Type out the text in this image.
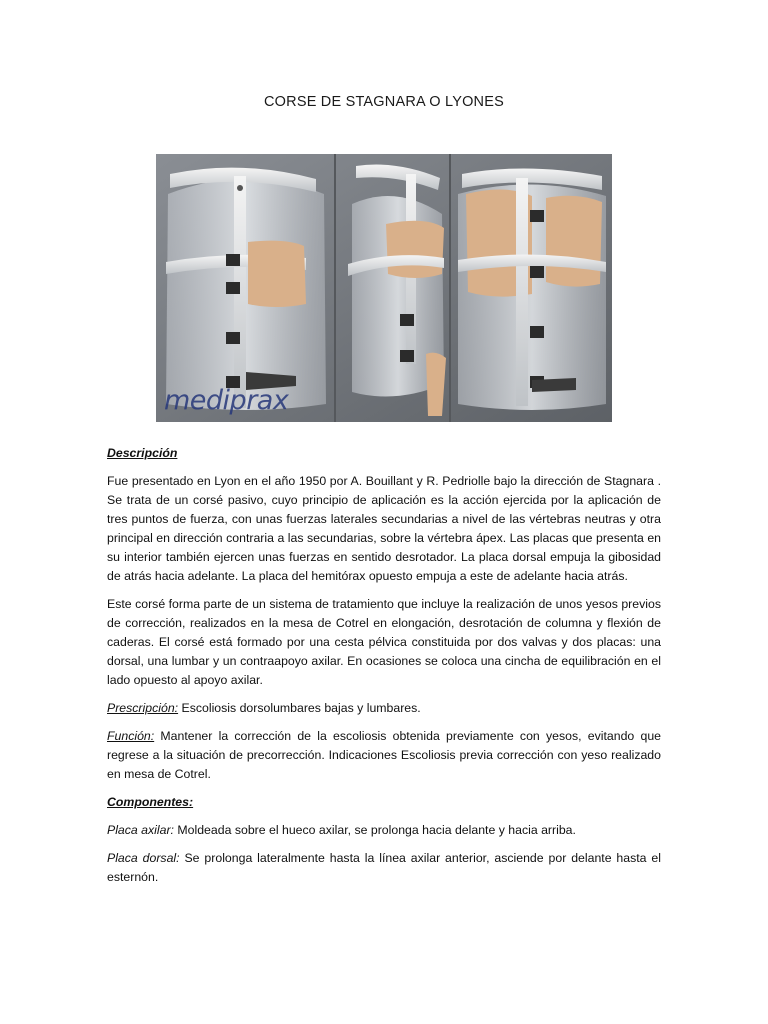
CORSE DE STAGNARA O LYONES
mediprax

Descripción

Fue presentado en Lyon en el año 1950 por A. Bouillant y R. Pedriolle bajo la dirección de Stagnara . Se trata de un corsé pasivo, cuyo principio de aplicación es la acción ejercida por la aplicación de tres puntos de fuerza, con unas fuerzas laterales secundarias a nivel de las vértebras neutras y otra principal en dirección contraria a las secundarias, sobre la vértebra ápex. Las placas que presenta en su interior también ejercen unas fuerzas en sentido desrotador. La placa dorsal empuja la gibosidad de atrás hacia adelante. La placa del hemitórax opuesto empuja a este de adelante hacia atrás.

Este corsé forma parte de un sistema de tratamiento que incluye la realización de unos yesos previos de corrección, realizados en la mesa de Cotrel en elongación, desrotación de columna y flexión de caderas. El corsé está formado por una cesta pélvica constituida por dos valvas y dos placas: una dorsal, una lumbar y un contraapoyo axilar. En ocasiones se coloca una cincha de equilibración en el lado opuesto al apoyo axilar.

Prescripción: Escoliosis dorsolumbares bajas y lumbares.

Función: Mantener la corrección de la escoliosis obtenida previamente con yesos, evitando que regrese a la situación de precorrección. Indicaciones Escoliosis previa corrección con yeso realizado en mesa de Cotrel.

Componentes:

Placa axilar: Moldeada sobre el hueco axilar, se prolonga hacia delante y hacia arriba.

Placa dorsal: Se prolonga lateralmente hasta la línea axilar anterior, asciende por delante hasta el esternón.
